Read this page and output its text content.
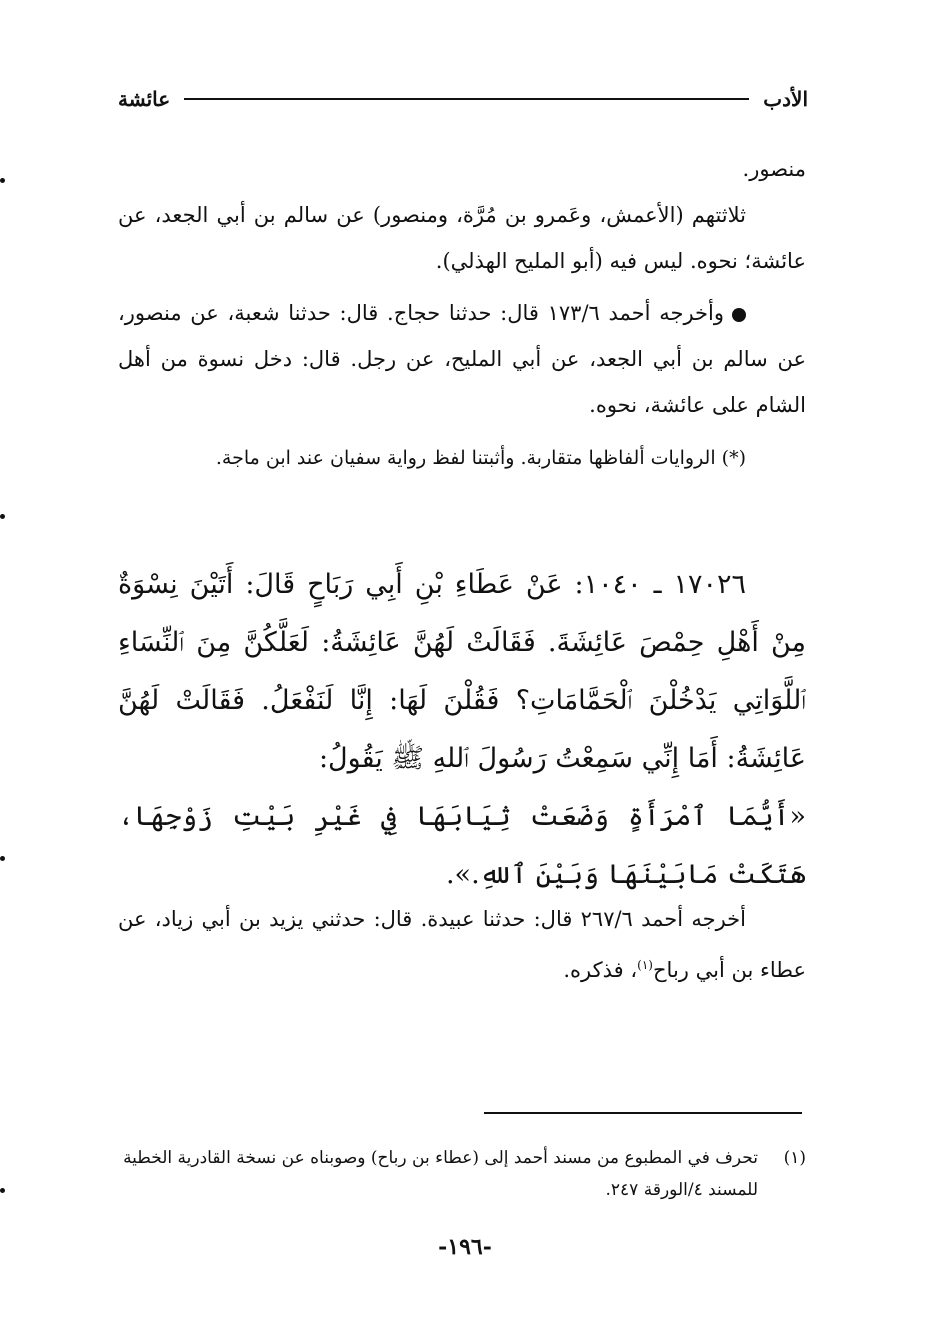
الأدب
عائشة

منصور.

ثلاثتهم (الأعمش، وعَمرو بن مُرَّة، ومنصور) عن سالم بن أبي الجعد، عن عائشة؛ نحوه. ليس فيه (أبو المليح الهذلي).

وأخرجه أحمد ١٧٣/٦ قال: حدثنا حجاج. قال: حدثنا شعبة، عن منصور، عن سالم بن أبي الجعد، عن أبي المليح، عن رجل. قال: دخل نسوة من أهل الشام على عائشة، نحوه.

(*) الروايات ألفاظها متقاربة. وأثبتنا لفظ رواية سفيان عند ابن ماجة.

١٧٠٢٦ ـ ١٠٤٠: عَنْ عَطَاءِ بْنِ أَبِي رَبَاحٍ قَالَ: أَتَيْنَ نِسْوَةٌ مِنْ أَهْلِ حِمْصَ عَائِشَةَ. فَقَالَتْ لَهُنَّ عَائِشَةُ: لَعَلَّكُنَّ مِنَ ٱلنِّسَاءِ ٱللَّوَاتِي يَدْخُلْنَ ٱلْحَمَّامَاتِ؟ فَقُلْنَ لَهَا: إِنَّا لَنَفْعَلُ. فَقَالَتْ لَهُنَّ عَائِشَةُ: أَمَا إِنِّي سَمِعْتُ رَسُولَ ٱللهِ ﷺ يَقُولُ:

«أَيُّمَا ٱمْرَأَةٍ وَضَعَتْ ثِيَابَهَا فِي غَيْرِ بَيْتِ زَوْجِهَا، هَتَكَتْ مَابَيْنَهَا وَبَيْنَ ٱللهِ.».

أخرجه أحمد ٢٦٧/٦ قال: حدثنا عبيدة. قال: حدثني يزيد بن أبي زياد، عن عطاء بن أبي رباح$^{(١)}$، فذكره.

(١)
تحرف في المطبوع من مسند أحمد إلى (عطاء بن رباح) وصوبناه عن نسخة القادرية الخطية للمسند ٤/الورقة ٢٤٧.
-١٩٦-
